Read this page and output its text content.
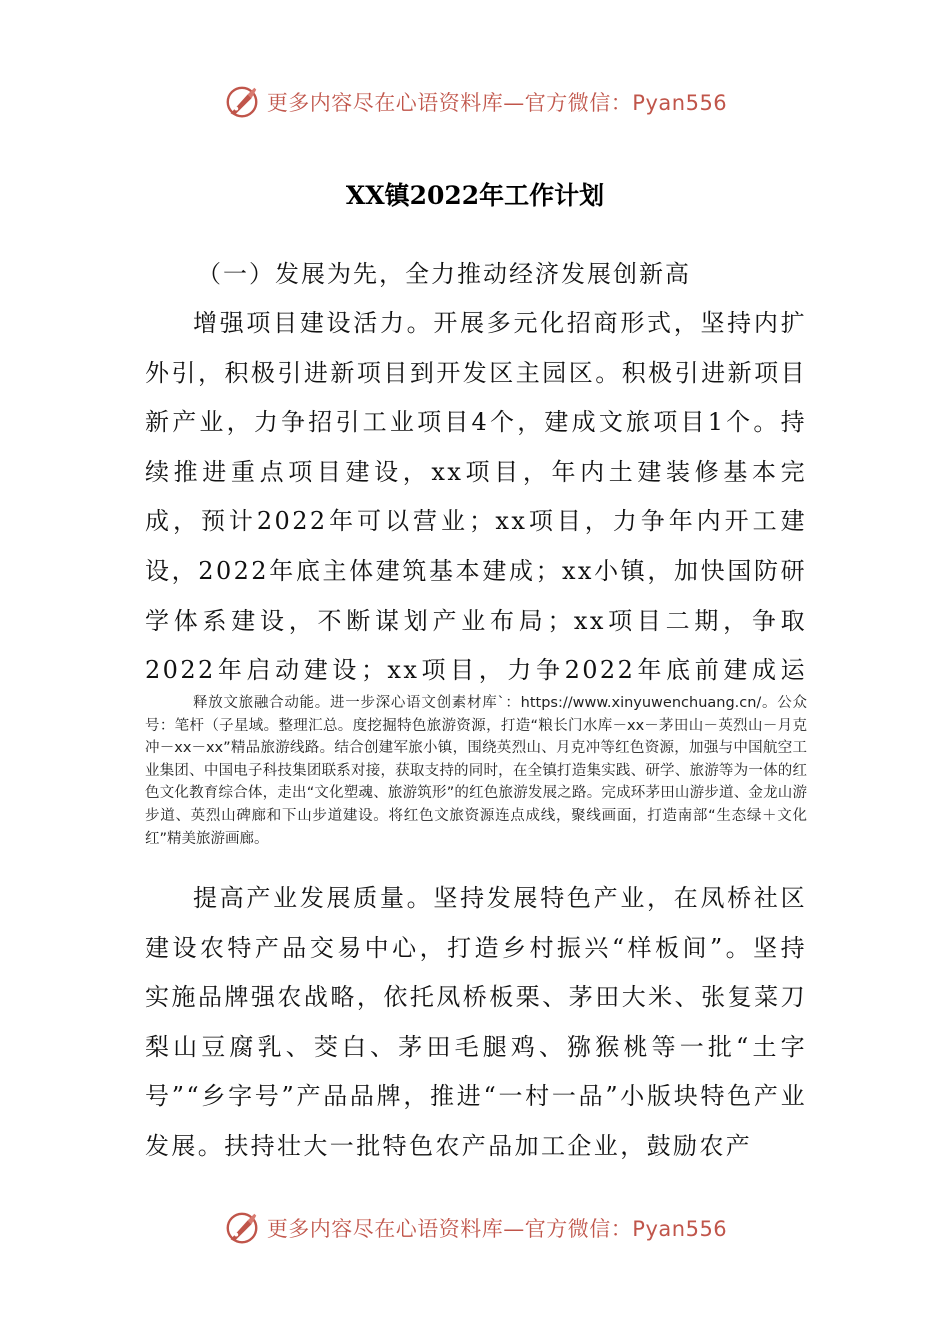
更多内容尽在心语资料库—官方微信：Pyan556
XX镇2022年工作计划
（一）发展为先，全力推动经济发展创新高

增强项目建设活力。开展多元化招商形式，坚持内扩外引，积极引进新项目到开发区主园区。积极引进新项目新产业，力争招引工业项目4个，建成文旅项目1个。持续推进重点项目建设，xx项目，年内土建装修基本完成，预计2022年可以营业；xx项目，力争年内开工建设，2022年底主体建筑基本建成；xx小镇，加快国防研学体系建设，不断谋划产业布局；xx项目二期，争取2022年启动建设；xx项目，力争2022年底前建成运

释放文旅融合动能。进一步深心语文创素材库`：https://www.xinyuwenchuang.cn/。公众号：笔杆（子星域。整理汇总。度挖掘特色旅游资源，打造“粮长门水库－xx－茅田山－英烈山－月克冲－xx－xx”精品旅游线路。结合创建军旅小镇，围绕英烈山、月克冲等红色资源，加强与中国航空工业集团、中国电子科技集团联系对接，获取支持的同时，在全镇打造集实践、研学、旅游等为一体的红色文化教育综合体，走出“文化塑魂、旅游筑形”的红色旅游发展之路。完成环茅田山游步道、金龙山游步道、英烈山碑廊和下山步道建设。将红色文旅资源连点成线，聚线画面，打造南部“生态绿＋文化红”精美旅游画廊。

提高产业发展质量。坚持发展特色产业，在凤桥社区建设农特产品交易中心，打造乡村振兴“样板间”。坚持实施品牌强农战略，依托凤桥板栗、茅田大米、张复菜刀梨山豆腐乳、茭白、茅田毛腿鸡、猕猴桃等一批“土字号”“乡字号”产品品牌，推进“一村一品”小版块特色产业发展。扶持壮大一批特色农产品加工企业，鼓励农产

更多内容尽在心语资料库—官方微信：Pyan556
